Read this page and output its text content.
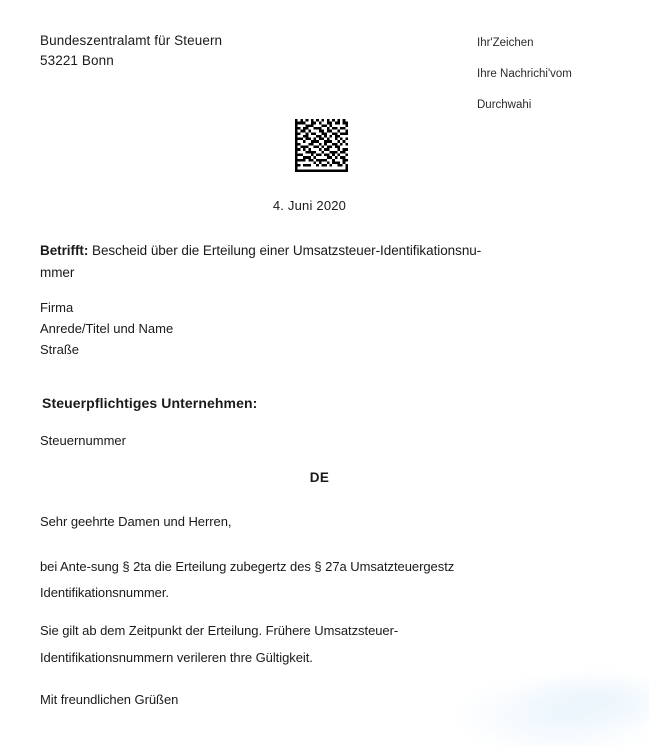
Bundeszentralamt für Steuern
53221 Bonn
Ihr'Zeichen
Ihre Nachrichi'vom
Durchwahi
4. Juni 2020
Betrifft: Bescheid über die Erteilung einer Umsatzsteuer-Identifikationsnu-
mmer
Firma
Anrede/Titel und Name
Straße
Steuerpflichtiges Unternehmen:
Steuernummer
DE
Sehr geehrte Damen und Herren,
bei Ante-sung § 2ta die Erteilung zubegertz des § 27a Umsatzteuergestz
Identifikationsnummer.
Sie gilt ab dem Zeitpunkt der Erteilung. Frühere Umsatzsteuer-
Identifikationsnummern verileren thre Gültigkeit.
Mit freundlichen Grüßen
